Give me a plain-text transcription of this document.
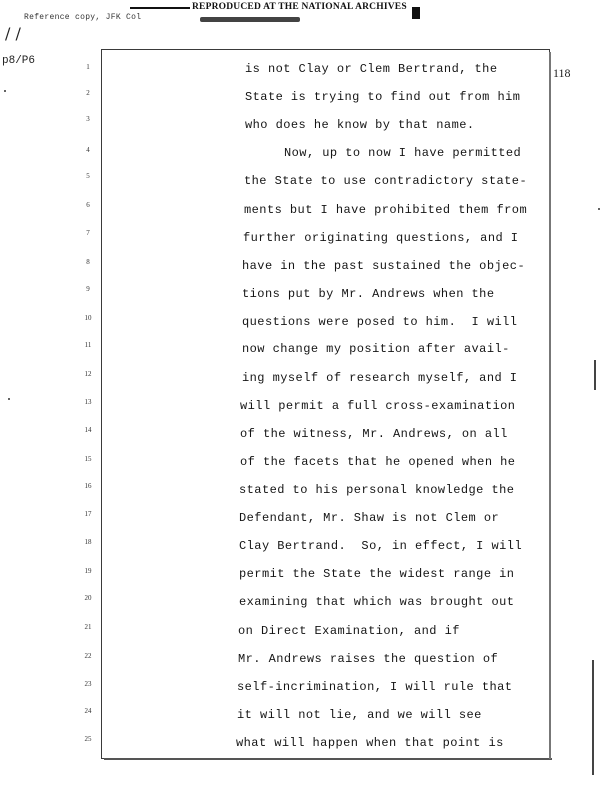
REPRODUCED AT THE NATIONAL ARCHIVES
Reference copy, JFK Col
/ /
p8/P6
118
1	is not Clay or Clem Bertrand, the
2	State is trying to find out from him
3	who does he know by that name.
4	Now, up to now I have permitted
5	the State to use contradictory state-
6	ments but I have prohibited them from
7	further originating questions, and I
8	have in the past sustained the objec-
9	tions put by Mr. Andrews when the
10	questions were posed to him.  I will
11	now change my position after avail-
12	ing myself of research myself, and I
13	will permit a full cross-examination
14	of the witness, Mr. Andrews, on all
15	of the facets that he opened when he
16	stated to his personal knowledge the
17	Defendant, Mr. Shaw is not Clem or
18	Clay Bertrand.  So, in effect, I will
19	permit the State the widest range in
20	examining that which was brought out
21	on Direct Examination, and if
22	Mr. Andrews raises the question of
23	self-incrimination, I will rule that
24	it will not lie, and we will see
25	what will happen when that point is
